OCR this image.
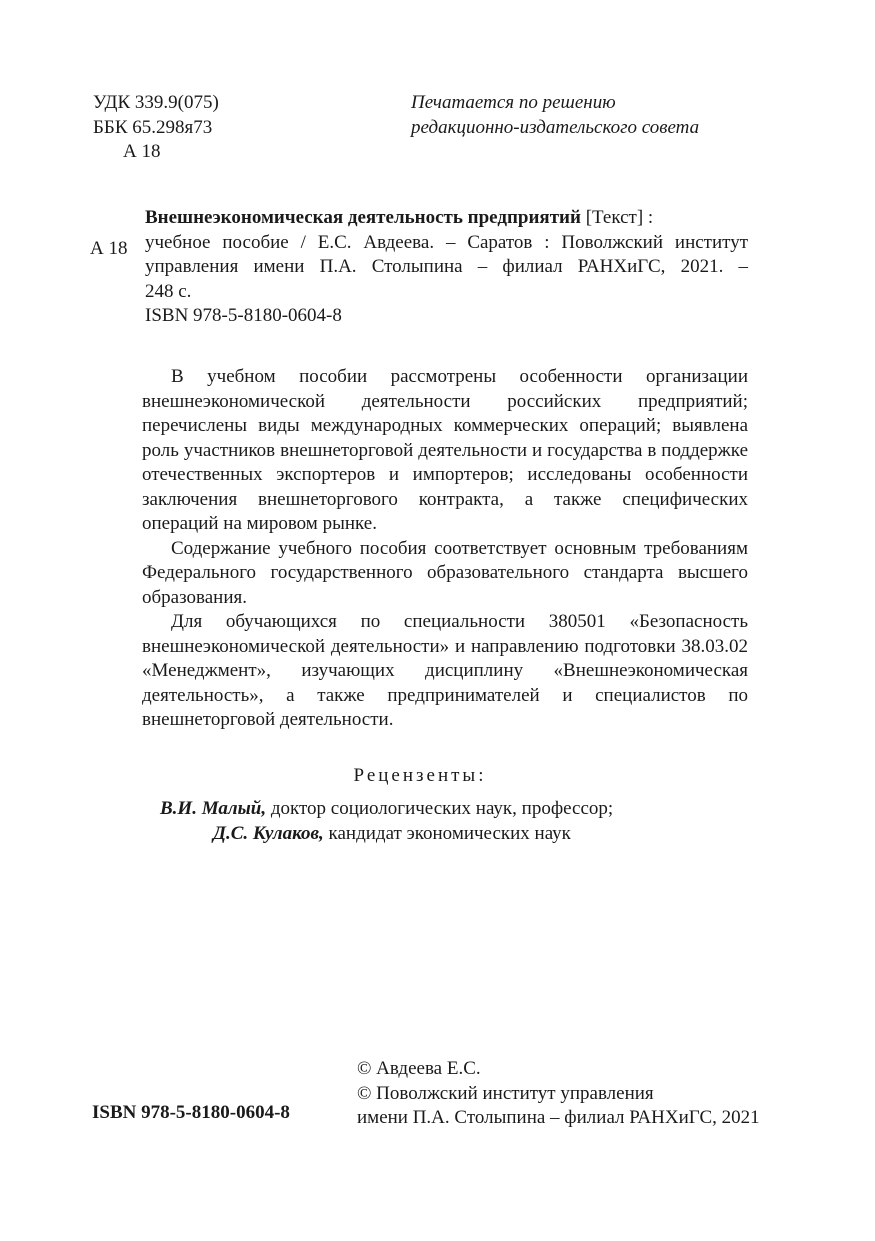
УДК 339.9(075)
ББК 65.298я73
А 18
Печатается по решению
редакционно-издательского совета
А 18
Внешнеэкономическая деятельность предприятий [Текст] :
учебное пособие / Е.С. Авдеева. – Саратов : Поволжский институт
управления имени П.А. Столыпина – филиал РАНХиГС, 2021. –
248 с.
ISBN 978-5-8180-0604-8

В учебном пособии рассмотрены особенности организации внешнеэкономической деятельности российских предприятий; перечислены виды международных коммерческих операций; выявлена роль участников внешнеторговой деятельности и государства в поддержке отечественных экспортеров и импортеров; исследованы особенности заключения внешнеторгового контракта, а также специфических операций на мировом рынке.

Содержание учебного пособия соответствует основным требованиям Федерального государственного образовательного стандарта высшего образования.

Для обучающихся по специальности 380501 «Безопасность внешнеэкономической деятельности» и направлению подготовки 38.03.02 «Менеджмент», изучающих дисциплину «Внешнеэкономическая деятельность», а также предпринимателей и специалистов по внешнеторговой деятельности.

Рецензенты:
В.И. Малый, доктор социологических наук, профессор;
Д.С. Кулаков, кандидат экономических наук
ISBN 978-5-8180-0604-8
© Авдеева Е.С.
© Поволжский институт управления
имени П.А. Столыпина – филиал РАНХиГС, 2021
